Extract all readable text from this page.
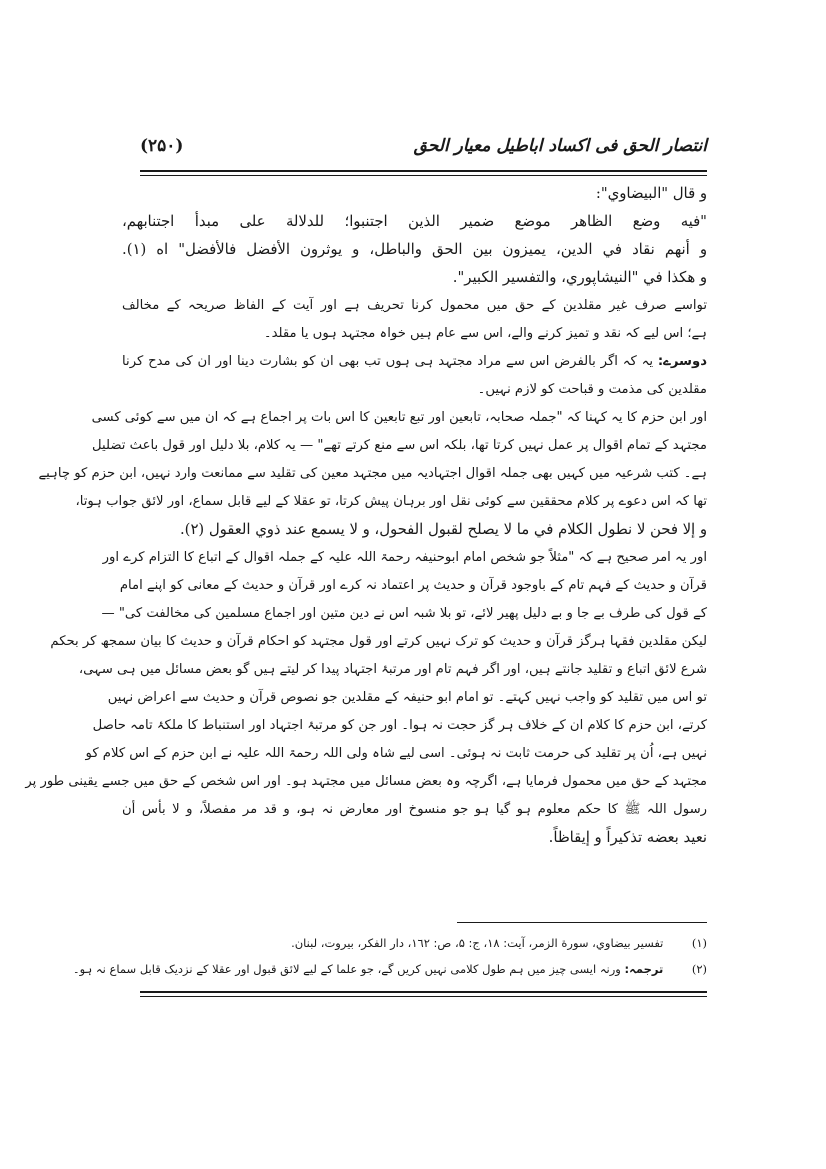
انتصار الحق فی اکساد اباطیل معیار الحق
(۲۵۰)
و قال "البيضاوي":
"فيه وضع الظاهر موضع ضمير الذين اجتنبوا؛ للدلالة على مبدأ اجتنابهم،
و أنهم نقاد في الدين، يميزون بين الحق والباطل، و يوثرون الأفضل فالأفضل" اه (۱).
و هكذا في "النيشاپوري، والتفسير الكبير".
تواسے صرف غیر مقلدین کے حق میں محمول کرنا تحریف ہے اور آیت کے الفاظ صریحہ کے مخالف
ہے؛ اس لیے کہ نقد و تمیز کرنے والے، اس سے عام ہیں خواہ مجتہد ہوں یا مقلد۔
دوسرے: یہ کہ اگر بالفرض اس سے مراد مجتہد ہی ہوں تب بھی ان کو بشارت دینا اور ان کی مدح کرنا
مقلدین کی مذمت و قباحت کو لازم نہیں۔
اور ابن حزم کا یہ کہنا کہ "جملہ صحابہ، تابعین اور تبع تابعین کا اس بات پر اجماع ہے کہ ان میں سے کوئی کسی
مجتہد کے تمام اقوال پر عمل نہیں کرتا تھا، بلکہ اس سے منع کرتے تھے" — یہ کلام، بلا دلیل اور قول باعث تضلیل
ہے۔ کتب شرعیہ میں کہیں بھی جملہ اقوال اجتہادیہ میں مجتہد معین کی تقلید سے ممانعت وارد نہیں، ابن حزم کو چاہیے
تھا کہ اس دعوے پر کلام محققین سے کوئی نقل اور برہان پیش کرتا، تو عقلا کے لیے قابل سماع، اور لائق جواب ہوتا،
و إلا فحن لا نطول الكلام في ما لا يصلح لقبول الفحول، و لا يسمع عند ذوي العقول (۲).
اور یہ امر صحیح ہے کہ "مثلاً جو شخص امام ابوحنیفہ رحمۃ اللہ علیہ کے جملہ اقوال کے اتباع کا التزام کرے اور
قرآن و حدیث کے فہم تام کے باوجود قرآن و حدیث پر اعتماد نہ کرے اور قرآن و حدیث کے معانی کو اپنے امام
کے قول کی طرف بے جا و بے دلیل پھیر لائے، تو بلا شبہ اس نے دین متین اور اجماع مسلمین کی مخالفت کی" —
لیکن مقلدین فقہا ہرگز قرآن و حدیث کو ترک نہیں کرتے اور قول مجتہد کو احکام قرآن و حدیث کا بیان سمجھ کر بحکم
شرع لائق اتباع و تقلید جانتے ہیں، اور اگر فہم تام اور مرتبۂ اجتہاد پیدا کر لیتے ہیں گو بعض مسائل میں ہی سہی،
تو اس میں تقلید کو واجب نہیں کہتے۔ تو امام ابو حنیفہ کے مقلدین جو نصوص قرآن و حدیث سے اعراض نہیں
کرتے، ابن حزم کا کلام ان کے خلاف ہر گز حجت نہ ہوا۔ اور جن کو مرتبۂ اجتہاد اور استنباط کا ملکۂ تامہ حاصل
نہیں ہے، اُن پر تقلید کی حرمت ثابت نہ ہوئی۔ اسی لیے شاہ ولی اللہ رحمۃ اللہ علیہ نے ابن حزم کے اس کلام کو
مجتہد کے حق میں محمول فرمایا ہے، اگرچہ وہ بعض مسائل میں مجتہد ہو۔ اور اس شخص کے حق میں جسے یقینی طور پر
رسول اللہ ﷺ کا حکم معلوم ہو گیا ہو جو منسوخ اور معارض نہ ہو، و قد مر مفصلاً، و لا بأس أن
نعيد بعضه تذكيراً و إيقاظاً.
(۱) تفسير بيضاوي، سورة الزمر، آيت: ۱۸، ج: ۵، ص: ۱٦۲، دار الفكر، بيروت، لبنان.
(۲) ترجمہ: ورنہ ایسی چیز میں ہم طول کلامی نہیں کریں گے، جو علما کے لیے لائق قبول اور عقلا کے نزدیک قابل سماع نہ ہو۔
